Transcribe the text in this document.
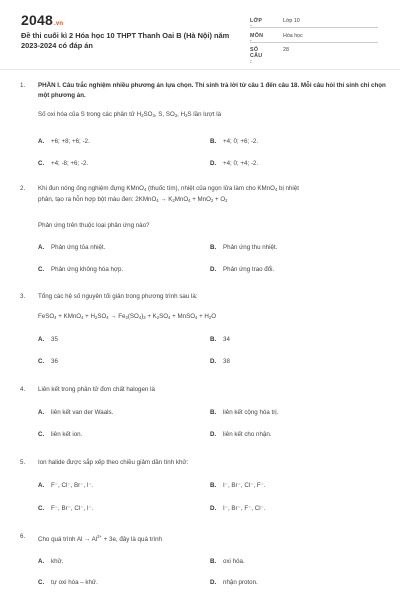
2048.vn
Đề thi cuối kì 2 Hóa học 10 THPT Thanh Oai B (Hà Nội) năm 2023-2024 có đáp án
LỚP :
Lớp 10
MÔN :
Hóa học
SỐ CÂU :
28
1. PHẦN I. Câu trắc nghiệm nhiều phương án lựa chọn. Thí sinh trả lời từ câu 1 đến câu 18. Mỗi câu hỏi thí sinh chỉ chọn một phương án.
Số oxi hóa của S trong các phân tử $H_2SO_3$, S, $SO_3$, $H_2S$ lần lượt là
A. +6; +8; +6; -2.	B. +4; 0; +6; -2.
C. +4; -8; +6; -2.	D. +4; 0; +4; -2.
2. Khi đun nóng ống nghiệm đựng KMnO$_4$ (thuốc tím), nhiệt của ngọn lửa làm cho KMnO$_4$ bị nhiệt
phân, tạo ra hỗn hợp bột màu đen: 2KMnO$_4$ → $K_2MnO_4 + MnO_2 + O_2$
Phản ứng trên thuộc loại phản ứng nào?
A. Phản ứng tỏa nhiệt.	B. Phản ứng thu nhiệt.
C. Phản ứng không hóa hợp.	D. Phản ứng trao đổi.
3. Tổng các hệ số nguyên tối giản trong phương trình sau là:
FeSO$_4$ + KMnO$_4$ + $H_2SO_4 \to Fe_2(SO_4)_3 + K_2SO_4$ + MnSO$_4$ + $H_2O$
A. 35	B. 34
C. 36	D. 38
4. Liên kết trong phân tử đơn chất halogen là
A. liên kết van der Waals.	B. liên kết cộng hóa trị.
C. liên kết ion.	D. liên kết cho nhận.
5. Ion halide được sắp xếp theo chiều giảm dần tính khử:
A. F⁻, Cl⁻, Br⁻, I⁻.	B. I⁻, Br⁻, Cl⁻, F⁻.
C. F⁻, Br⁻, Cl⁻, I⁻.	D. I⁻, Br⁻, F⁻, Cl⁻.
6. Cho quá trình $Al \to Al^{3+} + 3e$, đây là quá trình
A. khử.	B. oxi hóa.
C. tự oxi hóa – khử.	D. nhận proton.
